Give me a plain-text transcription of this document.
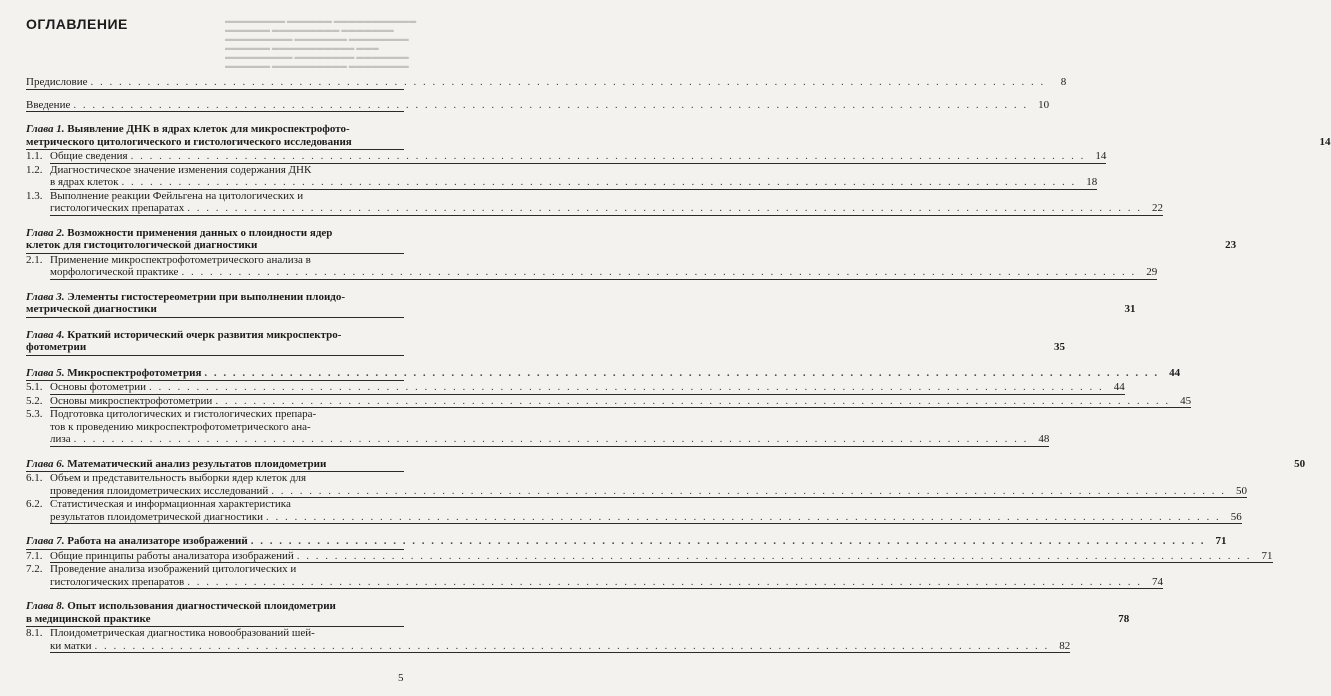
▬▬▬▬▬▬▬▬ ▬▬▬▬▬▬ ▬▬▬▬▬▬▬▬▬▬▬
▬▬▬▬▬▬ ▬▬▬▬▬▬▬▬▬ ▬▬▬▬▬▬▬
▬▬▬▬▬▬▬▬▬ ▬▬▬▬▬▬▬ ▬▬▬▬▬▬▬▬
▬▬▬▬▬▬ ▬▬▬▬▬▬▬▬▬▬▬ ▬▬▬
▬▬▬▬▬▬▬▬▬ ▬▬▬▬▬▬▬▬ ▬▬▬▬▬▬▬
▬▬▬▬▬▬ ▬▬▬▬▬▬▬▬▬▬ ▬▬▬▬▬▬▬▬
ОГЛАВЛЕНИЕ
Предисловие . . .	8
Введение . . .	10
Глава 1. Выявление ДНК в ядрах клеток для микроспектрофото-
метрического цитологического и гистологического исследования	14
1.1. Общие сведения . . .	14
1.2. Диагностическое значение изменения содержания ДНК
в ядрах клеток . . .	18
1.3. Выполнение реакции Фейльгена на цитологических и
гистологических препаратах . . .	22
Глава 2. Возможности применения данных о плоидности ядер
клеток для гистоцитологической диагностики	23
2.1. Применение микроспектрофотометрического анализа в
морфологической практике . . .	29
Глава 3. Элементы гистостереометрии при выполнении плоидо-
метрической диагностики	31
Глава 4. Краткий исторический очерк развития микроспектро-
фотометрии	35
Глава 5. Микроспектрофотометрия . . .	44
5.1. Основы фотометрии . . .	44
5.2. Основы микроспектрофотометрии . . .	45
5.3. Подготовка цитологических и гистологических препара-
тов к проведению микроспектрофотометрического ана-
лиза . . .	48
Глава 6. Математический анализ результатов плоидометрии	50
6.1. Объем и представительность выборки ядер клеток для
проведения плоидометрических исследований . . .	50
6.2. Статистическая и информационная характеристика
результатов плоидометрической диагностики . . .	56
Глава 7. Работа на анализаторе изображений . . .	71
7.1. Общие принципы работы анализатора изображений . . .	71
7.2. Проведение анализа изображений цитологических и
гистологических препаратов . . .	74
Глава 8. Опыт использования диагностической плоидометрии
в медицинской практике	78
8.1. Плоидометрическая диагностика новообразований шей-
ки матки . . .	82
5
